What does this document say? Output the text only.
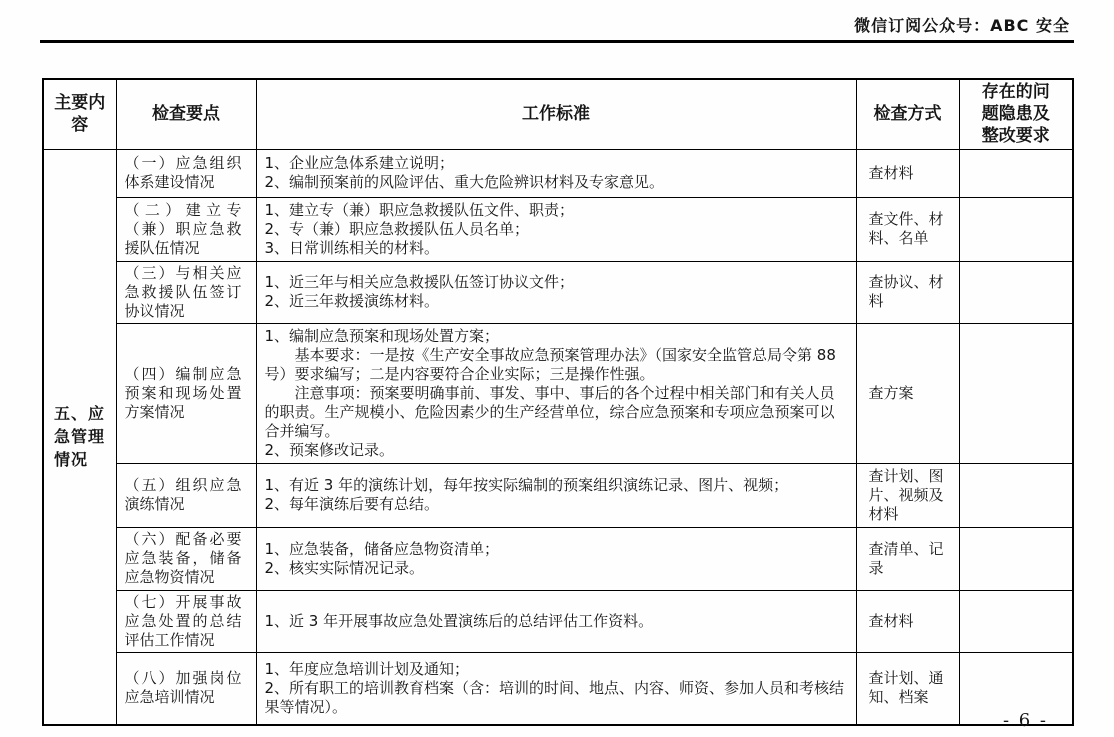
微信订阅公众号：ABC 安全
主要内容	检查要点	工作标准	检查方式	存在的问题隐患及整改要求
五、应急管理情况	（一）应急组织体系建设情况	1、企业应急体系建立说明；
2、编制预案前的风险评估、重大危险辨识材料及专家意见。	查材料	
	（二）建立专（兼）职应急救援队伍情况	1、建立专（兼）职应急救援队伍文件、职责；
2、专（兼）职应急救援队伍人员名单；
3、日常训练相关的材料。	查文件、材料、名单	
	（三）与相关应急救援队伍签订协议情况	1、近三年与相关应急救援队伍签订协议文件；
2、近三年救援演练材料。	查协议、材料	
	（四）编制应急预案和现场处置方案情况	1、编制应急预案和现场处置方案；
　　基本要求：一是按《生产安全事故应急预案管理办法》（国家安全监管总局令第 88 号）要求编写；二是内容要符合企业实际；三是操作性强。
　　注意事项：预案要明确事前、事发、事中、事后的各个过程中相关部门和有关人员的职责。生产规模小、危险因素少的生产经营单位，综合应急预案和专项应急预案可以合并编写。
2、预案修改记录。	查方案	
	（五）组织应急演练情况	1、有近 3 年的演练计划，每年按实际编制的预案组织演练记录、图片、视频；
2、每年演练后要有总结。	查计划、图片、视频及材料	
	（六）配备必要应急装备，储备应急物资情况	1、应急装备，储备应急物资清单；
2、核实实际情况记录。	查清单、记录	
	（七）开展事故应急处置的总结评估工作情况	1、近 3 年开展事故应急处置演练后的总结评估工作资料。	查材料	
	（八）加强岗位应急培训情况	1、年度应急培训计划及通知；
2、所有职工的培训教育档案（含：培训的时间、地点、内容、师资、参加人员和考核结果等情况）。	查计划、通知、档案	
- 6 -
